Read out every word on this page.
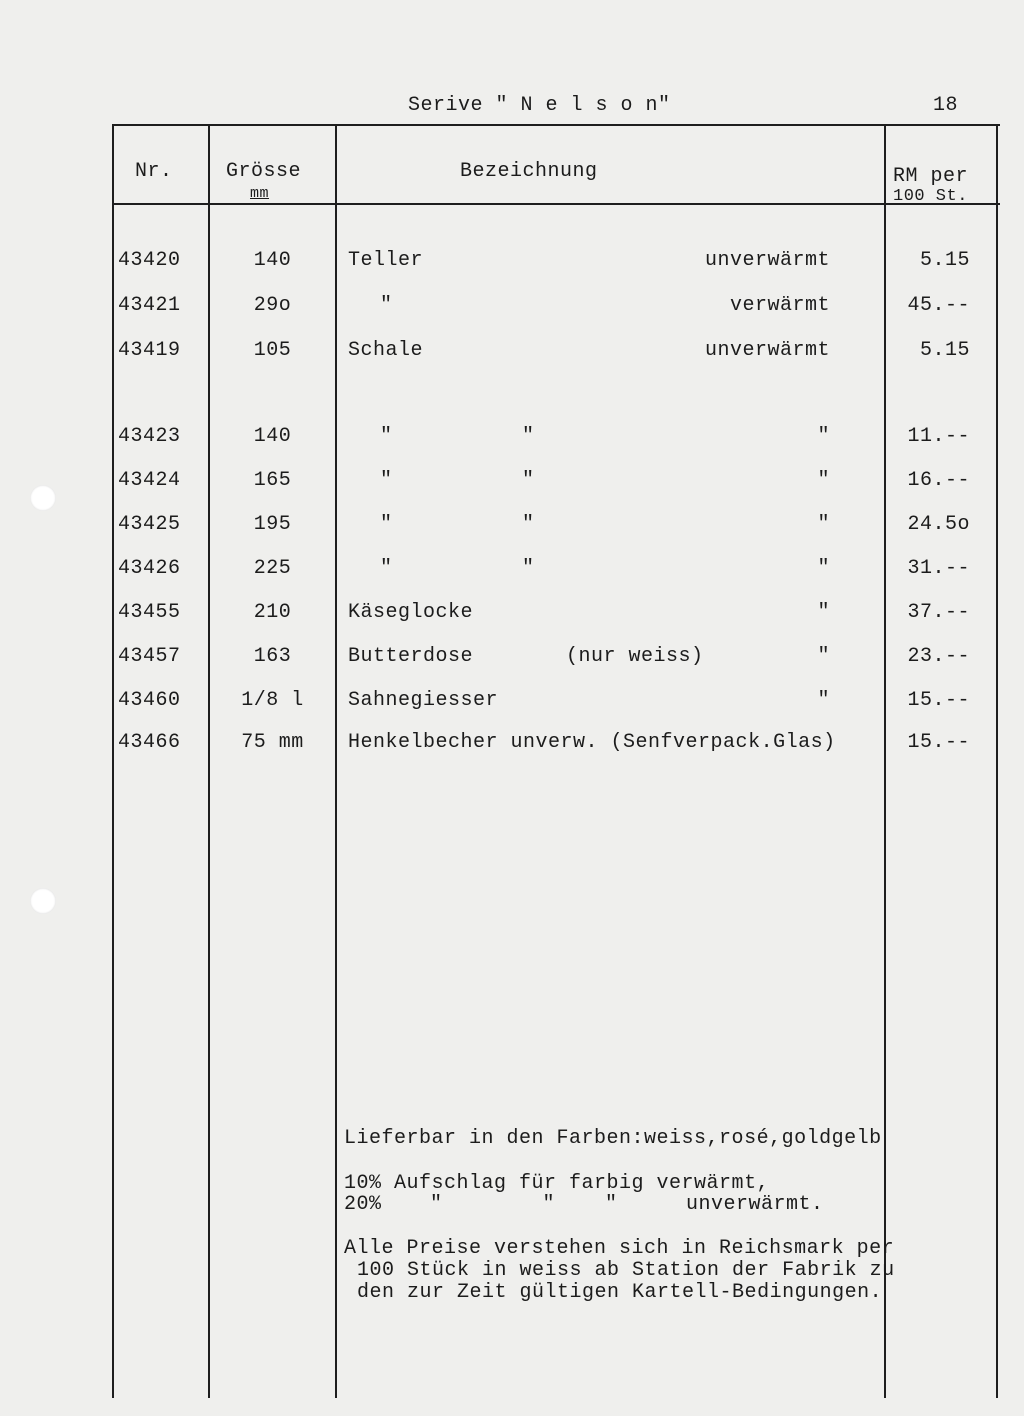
Serive " N e l s o n"	18
Nr.	Grösse
mm
Bezeichnung	RM per
100 St.
43420	140	Teller	unverwärmt	5.15
43421	29o	"	verwärmt	45.--
43419	105	Schale	unverwärmt	5.15
43423	140	"	"	"	11.--
43424	165	"	"	"	16.--
43425	195	"	"	"	24.5o
43426	225	"	"	"	31.--
43455	210	Käseglocke	"	37.--
43457	163	Butterdose	(nur weiss)	"	23.--
43460	1/8 l	Sahnegiesser	"	15.--
43466	75 mm	Henkelbecher unverw. (Senfverpack.Glas)	15.--
Lieferbar in den Farben:weiss,rosé,goldgelb
10% Aufschlag für farbig verwärmt,
20% "        "    "	unverwärmt.
Alle Preise verstehen sich in Reichsmark per
100 Stück in weiss ab Station der Fabrik zu
den zur Zeit gültigen Kartell-Bedingungen.
